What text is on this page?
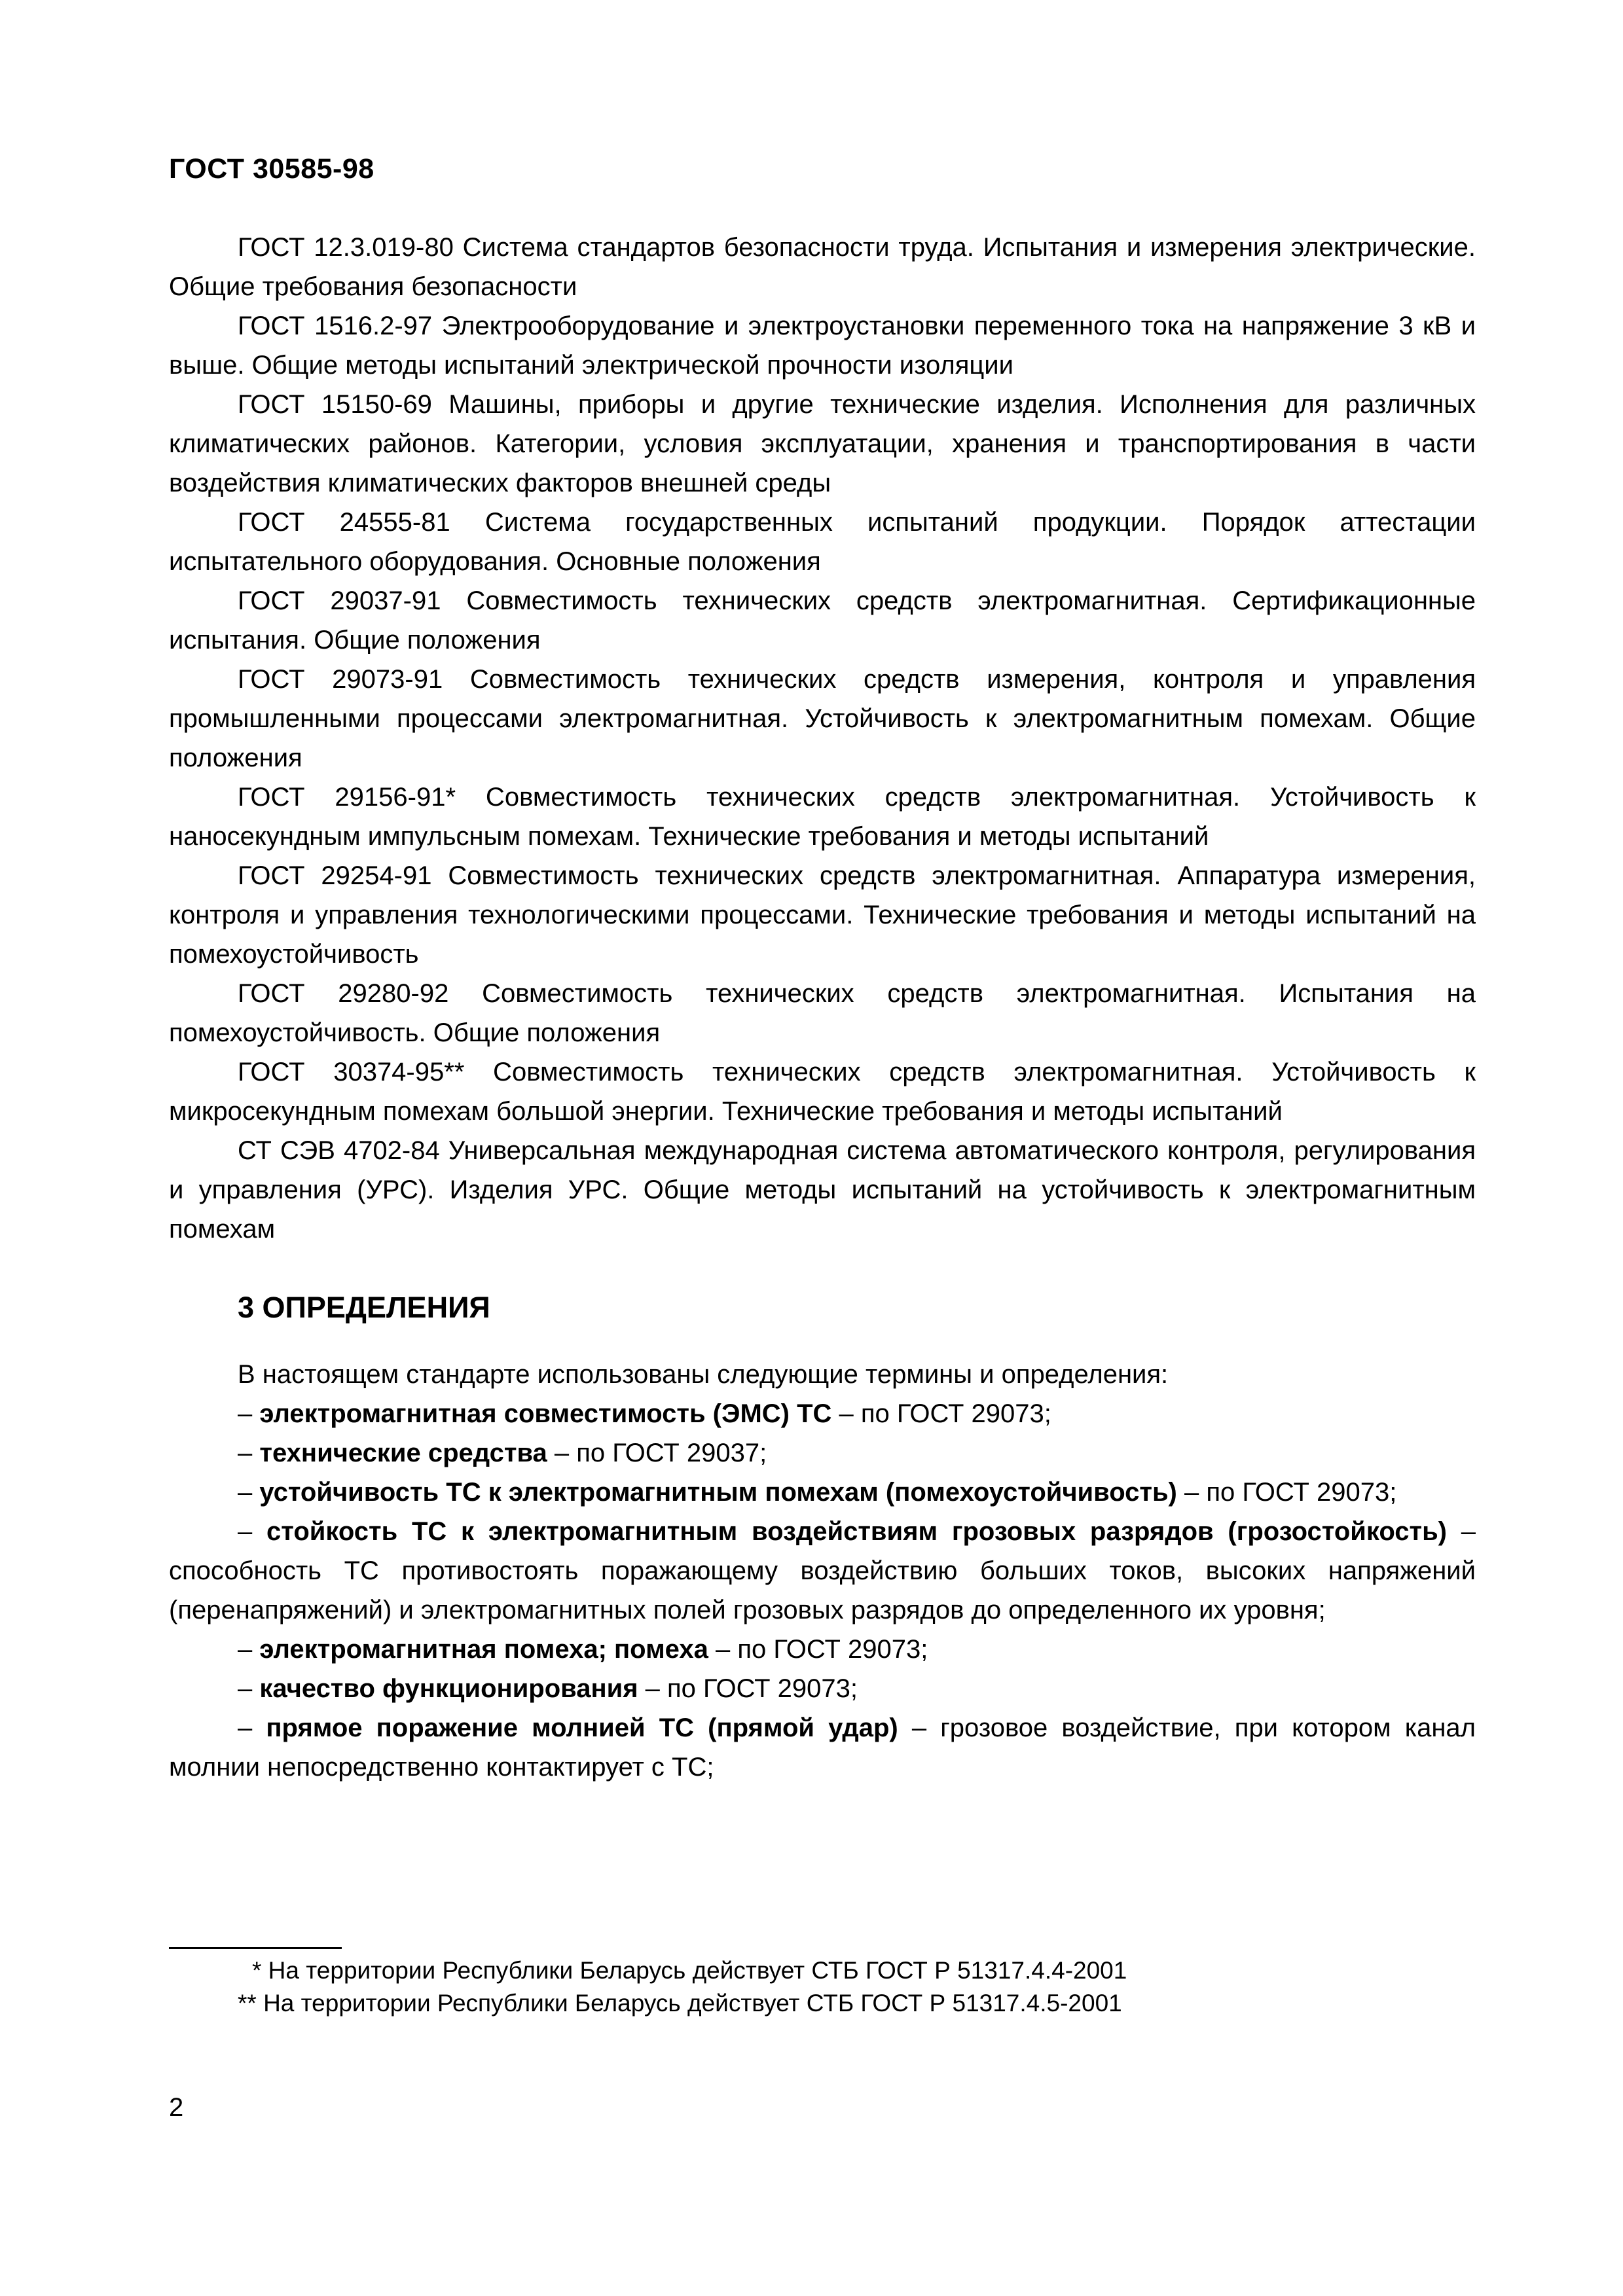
ГОСТ 30585-98

ГОСТ 12.3.019-80 Система стандартов безопасности труда. Испытания и измерения электрические. Общие требования безопасности

ГОСТ 1516.2-97 Электрооборудование и электроустановки переменного тока на напряжение 3 кВ и выше. Общие методы испытаний электрической прочности изоляции

ГОСТ 15150-69 Машины, приборы и другие технические изделия. Исполнения для различных климатических районов. Категории, условия эксплуатации, хранения и транспортирования в части воздействия климатических факторов внешней среды

ГОСТ 24555-81 Система государственных испытаний продукции. Порядок аттестации испытательного оборудования. Основные положения

ГОСТ 29037-91 Совместимость технических средств электромагнитная. Сертификационные испытания. Общие положения

ГОСТ 29073-91 Совместимость технических средств измерения, контроля и управления промышленными процессами электромагнитная. Устойчивость к электромагнитным помехам. Общие положения

ГОСТ 29156-91* Совместимость технических средств электромагнитная. Устойчивость к наносекундным импульсным помехам. Технические требования и методы испытаний

ГОСТ 29254-91 Совместимость технических средств электромагнитная. Аппаратура измерения, контроля и управления технологическими процессами. Технические требования и методы испытаний на помехоустойчивость

ГОСТ 29280-92 Совместимость технических средств электромагнитная. Испытания на помехоустойчивость. Общие положения

ГОСТ 30374-95** Совместимость технических средств электромагнитная. Устойчивость к микросекундным помехам большой энергии. Технические требования и методы испытаний

СТ СЭВ 4702-84 Универсальная международная система автоматического контроля, регулирования и управления (УРС). Изделия УРС. Общие методы испытаний на устойчивость к электромагнитным помехам

3 ОПРЕДЕЛЕНИЯ

В настоящем стандарте использованы следующие термины и определения:

– электромагнитная совместимость (ЭМС) ТС – по ГОСТ 29073;

– технические средства – по ГОСТ 29037;

– устойчивость ТС к электромагнитным помехам (помехоустойчивость) – по ГОСТ 29073;

– стойкость ТС к электромагнитным воздействиям грозовых разрядов (грозостойкость) – способность ТС противостоять поражающему воздействию больших токов, высоких напряжений (перенапряжений) и электромагнитных полей грозовых разрядов до определенного их уровня;

– электромагнитная помеха; помеха – по ГОСТ 29073;

– качество функционирования – по ГОСТ 29073;

– прямое поражение молнией ТС (прямой удар) – грозовое воздействие, при котором канал молнии непосредственно контактирует с ТС;

* На территории Республики Беларусь действует СТБ ГОСТ Р 51317.4.4-2001

** На территории Республики Беларусь действует СТБ ГОСТ Р 51317.4.5-2001

2
